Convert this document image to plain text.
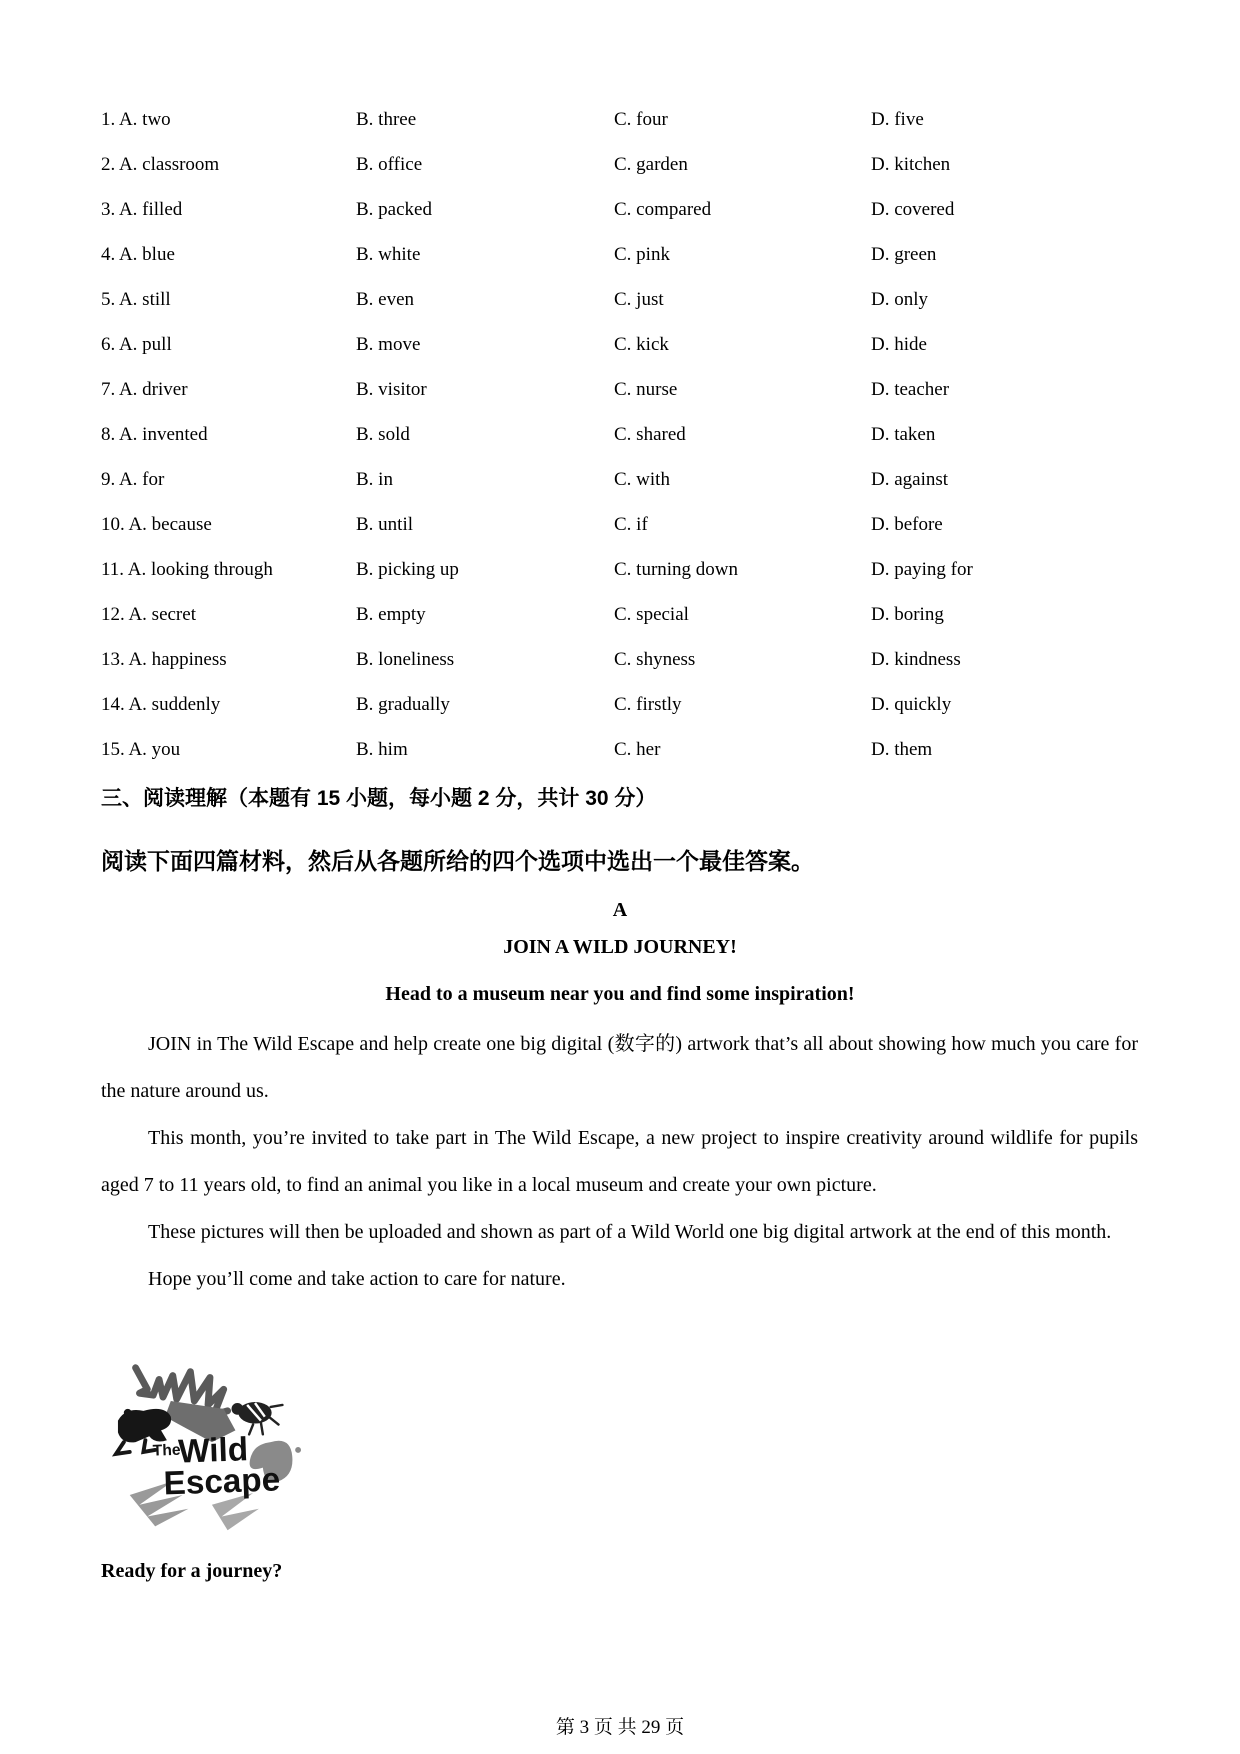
1. A. two	B. three	C. four	D. five
2. A. classroom	B. office	C. garden	D. kitchen
3. A. filled	B. packed	C. compared	D. covered
4. A. blue	B. white	C. pink	D. green
5. A. still	B. even	C. just	D. only
6. A. pull	B. move	C. kick	D. hide
7. A. driver	B. visitor	C. nurse	D. teacher
8. A. invented	B. sold	C. shared	D. taken
9. A. for	B. in	C. with	D. against
10. A. because	B. until	C. if	D. before
11. A. looking through	B. picking up	C. turning down	D. paying for
12. A. secret	B. empty	C. special	D. boring
13. A. happiness	B. loneliness	C. shyness	D. kindness
14. A. suddenly	B. gradually	C. firstly	D. quickly
15. A. you	B. him	C. her	D. them
三、阅读理解（本题有 15 小题，每小题 2 分，共计 30 分）
阅读下面四篇材料，然后从各题所给的四个选项中选出一个最佳答案。
A
JOIN A WILD JOURNEY!
Head to a museum near you and find some inspiration!

JOIN in The Wild Escape and help create one big digital (数字的) artwork that’s all about showing how much you care for the nature around us.

This month, you’re invited to take part in The Wild Escape, a new project to inspire creativity around wildlife for pupils aged 7 to 11 years old, to find an animal you like in a local museum and create your own picture.

These pictures will then be uploaded and shown as part of a Wild World one big digital artwork at the end of this month.

Hope you’ll come and take action to care for nature.

The
Wild
Escape
Ready for a journey?
第 3 页 共 29 页
